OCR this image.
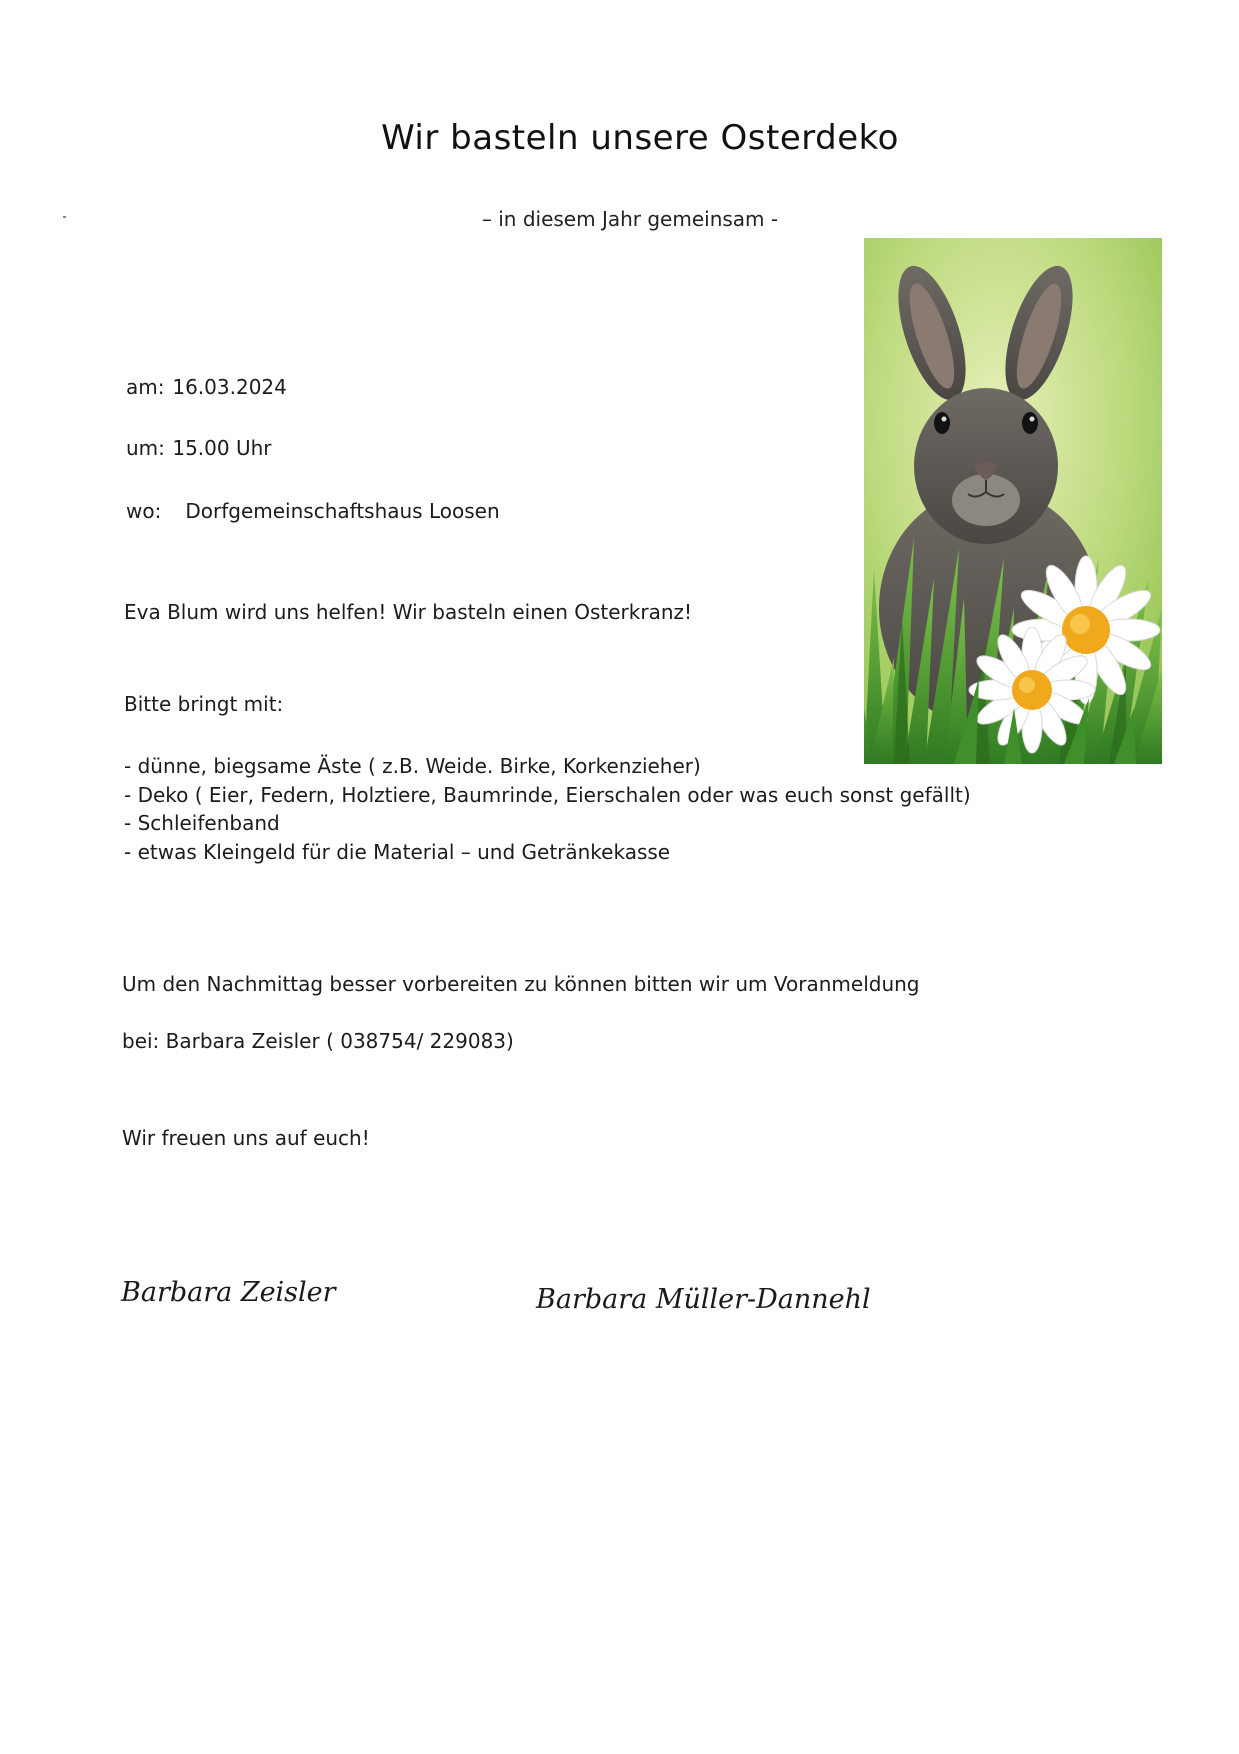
Wir basteln unsere Osterdeko
– in diesem Jahr gemeinsam -
am: 16.03.2024
um: 15.00 Uhr
wo: Dorfgemeinschaftshaus Loosen
Eva Blum wird uns helfen! Wir basteln einen Osterkranz!
Bitte bringt mit:
- dünne, biegsame Äste ( z.B. Weide. Birke, Korkenzieher)
- Deko ( Eier, Federn, Holztiere, Baumrinde, Eierschalen oder was euch sonst gefällt)
- Schleifenband
- etwas Kleingeld für die Material – und Getränkekasse
Um den Nachmittag besser vorbereiten zu können bitten wir um Voranmeldung
bei: Barbara Zeisler ( 038754/ 229083)
Wir freuen uns auf euch!
Barbara Zeisler	Barbara Müller-Dannehl
